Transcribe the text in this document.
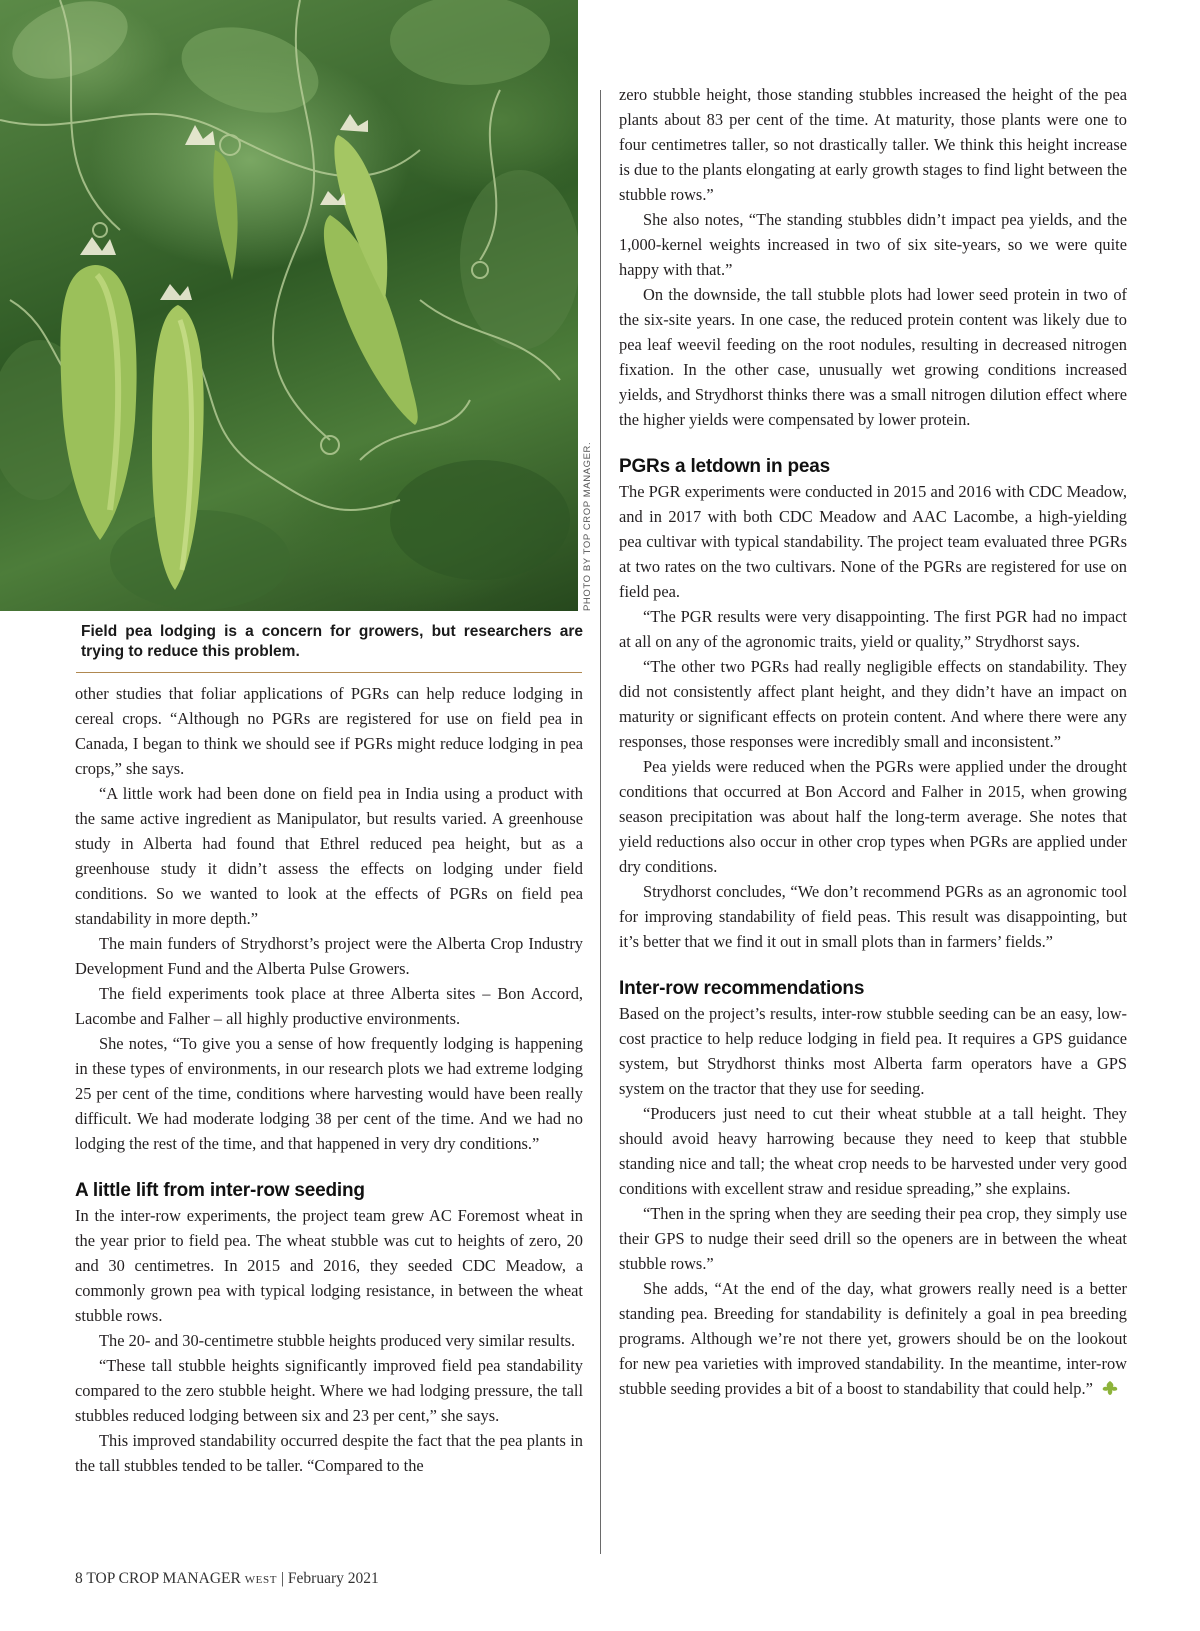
PHOTO BY TOP CROP MANAGER.
Field pea lodging is a concern for growers, but researchers are trying to reduce this problem.

other studies that foliar applications of PGRs can help reduce lodging in cereal crops. “Although no PGRs are registered for use on field pea in Canada, I began to think we should see if PGRs might reduce lodging in pea crops,” she says.

“A little work had been done on field pea in India using a product with the same active ingredient as Manipulator, but results varied. A greenhouse study in Alberta had found that Ethrel reduced pea height, but as a greenhouse study it didn’t assess the effects on lodging under field conditions. So we wanted to look at the effects of PGRs on field pea standability in more depth.”

The main funders of Strydhorst’s project were the Alberta Crop Industry Development Fund and the Alberta Pulse Growers.

The field experiments took place at three Alberta sites – Bon Accord, Lacombe and Falher – all highly productive environments.

She notes, “To give you a sense of how frequently lodging is happening in these types of environments, in our research plots we had extreme lodging 25 per cent of the time, conditions where harvesting would have been really difficult. We had moderate lodging 38 per cent of the time. And we had no lodging the rest of the time, and that happened in very dry conditions.”

A little lift from inter-row seeding

In the inter-row experiments, the project team grew AC Foremost wheat in the year prior to field pea. The wheat stubble was cut to heights of zero, 20 and 30 centimetres. In 2015 and 2016, they seeded CDC Meadow, a commonly grown pea with typical lodging resistance, in between the wheat stubble rows.

The 20- and 30-centimetre stubble heights produced very similar results.

“These tall stubble heights significantly improved field pea standability compared to the zero stubble height. Where we had lodging pressure, the tall stubbles reduced lodging between six and 23 per cent,” she says.

This improved standability occurred despite the fact that the pea plants in the tall stubbles tended to be taller. “Compared to the

zero stubble height, those standing stubbles increased the height of the pea plants about 83 per cent of the time. At maturity, those plants were one to four centimetres taller, so not drastically taller. We think this height increase is due to the plants elongating at early growth stages to find light between the stubble rows.”

She also notes, “The standing stubbles didn’t impact pea yields, and the 1,000-kernel weights increased in two of six site-years, so we were quite happy with that.”

On the downside, the tall stubble plots had lower seed protein in two of the six-site years. In one case, the reduced protein content was likely due to pea leaf weevil feeding on the root nodules, resulting in decreased nitrogen fixation. In the other case, unusually wet growing conditions increased yields, and Strydhorst thinks there was a small nitrogen dilution effect where the higher yields were compensated by lower protein.

PGRs a letdown in peas

The PGR experiments were conducted in 2015 and 2016 with CDC Meadow, and in 2017 with both CDC Meadow and AAC Lacombe, a high-yielding pea cultivar with typical standability. The project team evaluated three PGRs at two rates on the two cultivars. None of the PGRs are registered for use on field pea.

“The PGR results were very disappointing. The first PGR had no impact at all on any of the agronomic traits, yield or quality,” Strydhorst says.

“The other two PGRs had really negligible effects on standability. They did not consistently affect plant height, and they didn’t have an impact on maturity or significant effects on protein content. And where there were any responses, those responses were incredibly small and inconsistent.”

Pea yields were reduced when the PGRs were applied under the drought conditions that occurred at Bon Accord and Falher in 2015, when growing season precipitation was about half the long-term average. She notes that yield reductions also occur in other crop types when PGRs are applied under dry conditions.

Strydhorst concludes, “We don’t recommend PGRs as an agronomic tool for improving standability of field peas. This result was disappointing, but it’s better that we find it out in small plots than in farmers’ fields.”

Inter-row recommendations

Based on the project’s results, inter-row stubble seeding can be an easy, low-cost practice to help reduce lodging in field pea. It requires a GPS guidance system, but Strydhorst thinks most Alberta farm operators have a GPS system on the tractor that they use for seeding.

“Producers just need to cut their wheat stubble at a tall height. They should avoid heavy harrowing because they need to keep that stubble standing nice and tall; the wheat crop needs to be harvested under very good conditions with excellent straw and residue spreading,” she explains.

“Then in the spring when they are seeding their pea crop, they simply use their GPS to nudge their seed drill so the openers are in between the wheat stubble rows.”

She adds, “At the end of the day, what growers really need is a better standing pea. Breeding for standability is definitely a goal in pea breeding programs. Although we’re not there yet, growers should be on the lookout for new pea varieties with improved standability. In the meantime, inter-row stubble seeding provides a bit of a boost to standability that could help.”

8 TOP CROP MANAGER WEST | February 2021
